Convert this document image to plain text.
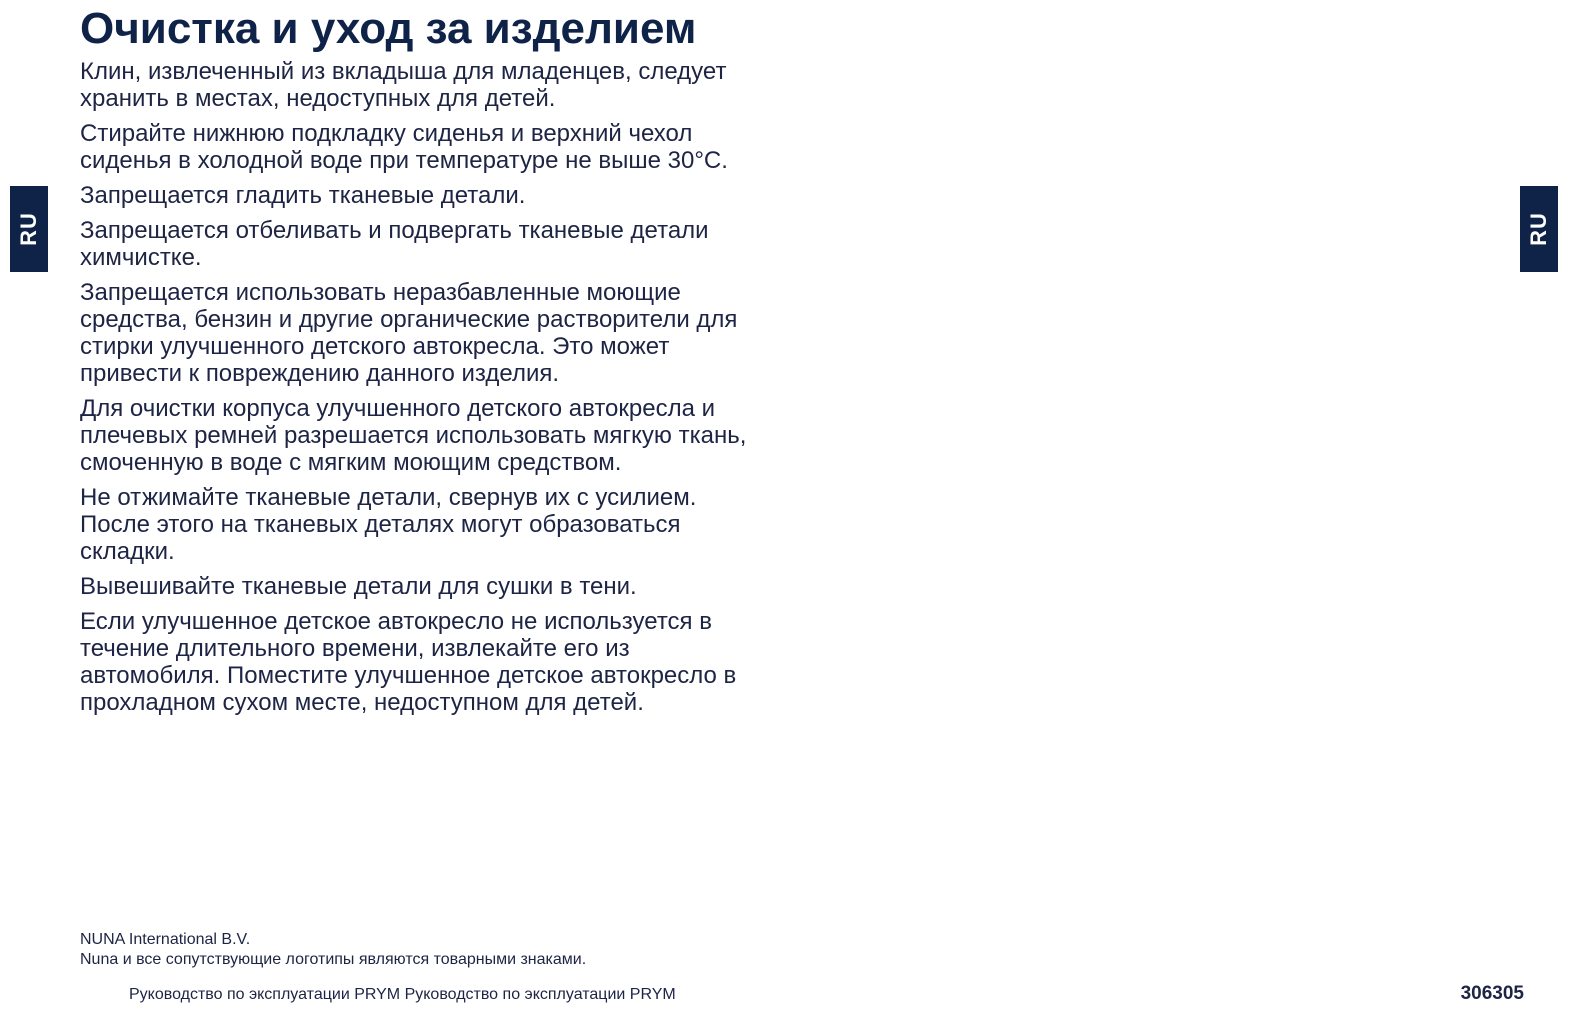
Очистка и уход за изделием
RU	RU

Клин, извлеченный из вкладыша для младенцев, следует хранить в местах, недоступных для детей.

Стирайте нижнюю подкладку сиденья и верхний чехол сиденья в холодной воде при температуре не выше 30°C.

Запрещается гладить тканевые детали.

Запрещается отбеливать и подвергать тканевые детали химчистке.

Запрещается использовать неразбавленные моющие средства, бензин и другие органические растворители для стирки улучшенного детского автокресла. Это может привести к повреждению данного изделия.

Для очистки корпуса улучшенного детского автокресла и плечевых ремней разрешается использовать мягкую ткань, смоченную в воде с мягким моющим средством.

Не отжимайте тканевые детали, свернув их с усилием. После этого на тканевых деталях могут образоваться складки.

Вывешивайте тканевые детали для сушки в тени.

Если улучшенное детское автокресло не используется в течение длительного времени, извлекайте его из автомобиля. Поместите улучшенное детское автокресло в прохладном сухом месте, недоступном для детей.

NUNA International B.V.
Nuna и все сопутствующие логотипы являются товарными знаками.
Руководство по эксплуатации PRYM Руководство по эксплуатации PRYM	306305
